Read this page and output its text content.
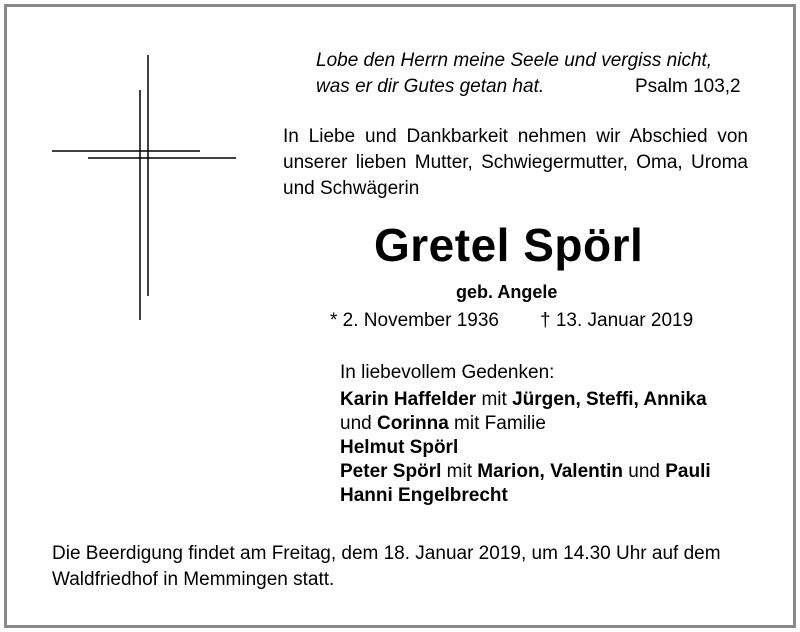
Lobe den Herrn meine Seele und vergiss nicht,
was er dir Gutes getan hat.	Psalm 103,2
In Liebe und Dankbarkeit nehmen wir Abschied von unserer lieben Mutter, Schwiegermutter, Oma, Uroma und Schwägerin
Gretel Spörl
geb. Angele
* 2. November 1936 † 13. Januar 2019
In liebevollem Gedenken:
Karin Haffelder mit Jürgen, Steffi, Annika
und Corinna mit Familie
Helmut Spörl
Peter Spörl mit Marion, Valentin und Pauli
Hanni Engelbrecht
Die Beerdigung findet am Freitag, dem 18. Januar 2019, um 14.30 Uhr auf dem Waldfriedhof in Memmingen statt.
